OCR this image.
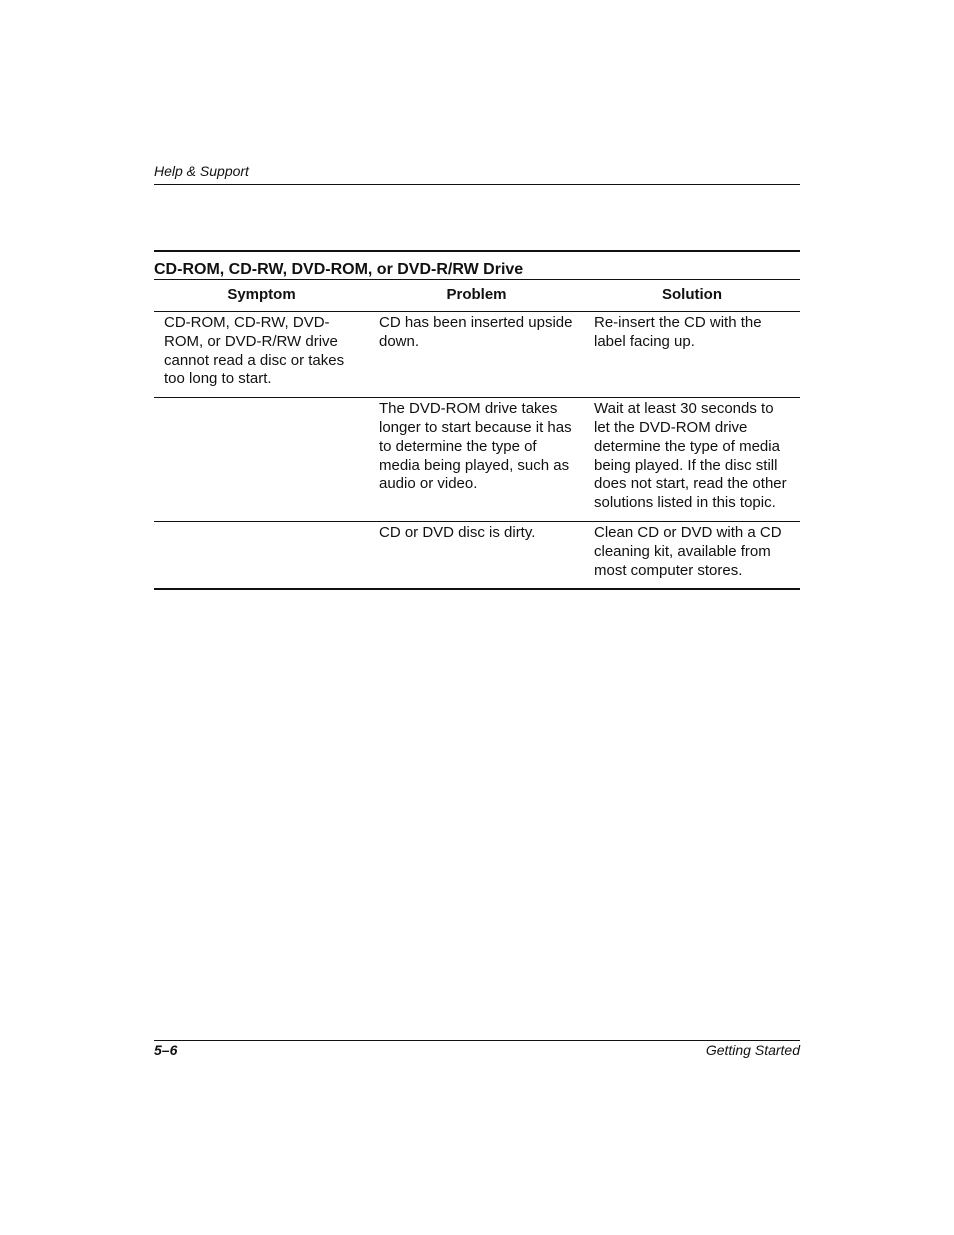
Help & Support
CD-ROM, CD-RW, DVD-ROM, or DVD-R/RW Drive
Symptom	Problem	Solution
CD-ROM, CD-RW, DVD-ROM, or DVD-R/RW drive cannot read a disc or takes too long to start.	CD has been inserted upside down.	Re-insert the CD with the label facing up.
	The DVD-ROM drive takes longer to start because it has to determine the type of media being played, such as audio or video.	Wait at least 30 seconds to let the DVD-ROM drive determine the type of media being played. If the disc still does not start, read the other solutions listed in this topic.
	CD or DVD disc is dirty.	Clean CD or DVD with a CD cleaning kit, available from most computer stores.
5–6	Getting Started
